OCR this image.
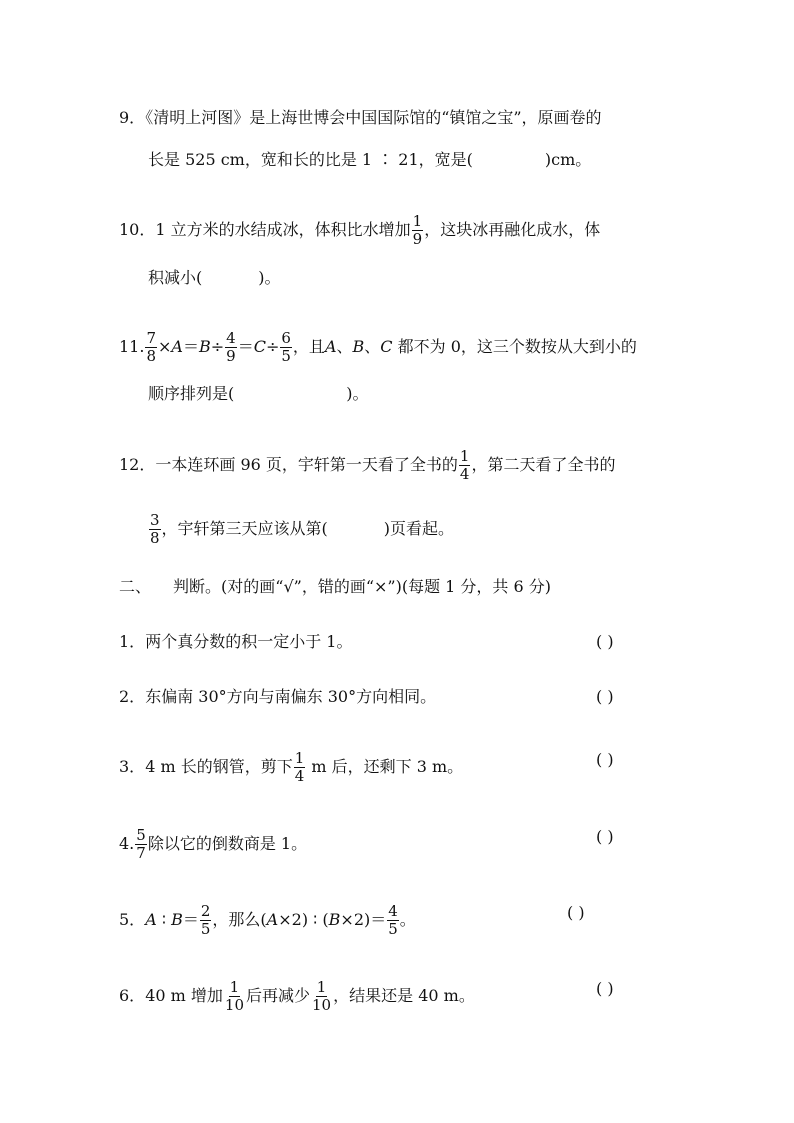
9．《清明上河图》是上海世博会中国国际馆的“镇馆之宝”，原画卷的
长是 525 cm，宽和长的比是 1 ∶ 21，宽是(	)cm。
10．1 立方米的水结成冰，体积比水增加 $\frac{1}{9}$ ，这块冰再融化成水，体
积减小(	)。
11. $\frac{7}{8} \times A=B\div \frac{4}{9} =C\div \frac{6}{5}$ ，且A、B、C 都不为 0，这三个数按从大到小的
顺序排列是(	)。
12．一本连环画 96 页，宇轩第一天看了全书的 $\frac{1}{4}$ ，第二天看了全书的
$\frac{3}{8}$ ，宇轩第三天应该从第(	)页看起。
二、 判断。(对的画“√”，错的画“×”)(每题 1 分，共 6 分)
1．两个真分数的积一定小于 1。	( )
2．东偏南 30°方向与南偏东 30°方向相同。	( )
3．4 m 长的钢管，剪下 $\frac{1}{4}$ m 后，还剩下 3 m。	( )
4. $\frac{5}{7}$ 除以它的倒数商是 1。	( )
5．A ∶ $B= \frac{2}{5}$ ，那么(A×2) ∶ $(B\times 2)= \frac{4}{5}$ 。	( )
6．40 m 增加 $\frac{1}{10}$ 后再减少 $\frac{1}{10}$ ，结果还是 40 m。	( )
